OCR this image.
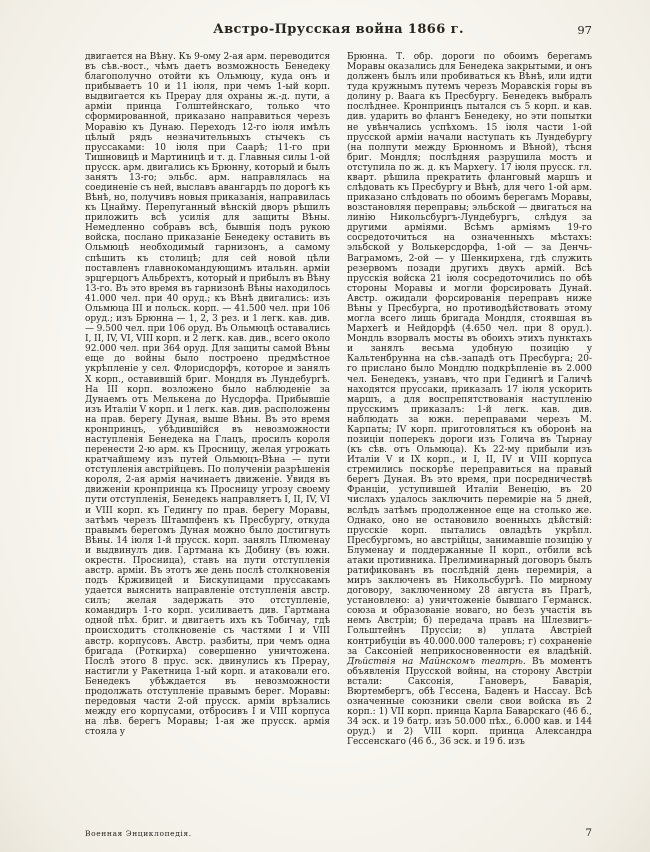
Австро-Прусская война 1866 г.	97

двигается на Вѣну. Къ 9-ому 2-ая арм. переводится въ сѣв.-вост., чѣмъ даетъ возможность Бенедеку благополучно отойти къ Ольмюцу, куда онъ и прибываетъ 10 и 11 іюля, при чемъ 1-ый корп. выдвигается къ Прерау для охраны ж.-д. пути, а арміи принца Голштейнскаго, только что сформированной, приказано направиться черезъ Моравію къ Дунаю. Переходъ 12-го іюля имѣлъ цѣлый рядъ незначительныхъ стычекъ съ пруссаками: 10 іюля при Саарѣ; 11-го при Тишновицѣ и Мартиницѣ и т. д. Главныя силы 1-ой прусск. арм. двигались къ Брюнну, который и былъ занятъ 13-го; эльбс. арм. направлялась на соединеніе съ ней, выславъ авангардъ по дорогѣ къ Вѣнѣ, но, получивъ новыя приказанія, направилась къ Цнайму. Перепуганный вѣнскій дворъ рѣшилъ приложить всѣ усилія для защиты Вѣны. Немедленно собравъ всѣ, бывшія подъ рукою войска, послано приказаніе Бенедеку оставить въ Ольмюцѣ необходимый гарнизонъ, а самому спѣшить къ столицѣ; для сей новой цѣли поставленъ главнокомандующимъ итальян. арміи эрцгерцогъ Альбрехтъ, который и прибылъ въ Вѣну 13-го. Въ это время въ гарнизонѣ Вѣны находилось 41.000 чел. при 40 оруд.; къ Вѣнѣ двигались: изъ Ольмюца III и польск. корп. — 41.500 чел. при 106 оруд.; изъ Брюнна — 1, 2, 3 рез. и 1 легк. кав. див. — 9.500 чел. при 106 оруд. Въ Ольмюцѣ оставались I, II, IV, VI, VIII корп. и 2 легк. кав. див., всего около 92.000 чел. при 364 оруд. Для защиты самой Вѣны еще до войны было построено предмѣстное укрѣпленіе у сел. Флорисдорфъ, которое и занялъ X корп., оставившій бриг. Мондля въ Лундебургѣ. На III корп. возложено было наблюденіе за Дунаемъ отъ Мелькена до Нусдорфа. Прибывшіе изъ Италіи V корп. и 1 легк. кав. див. расположены на прав. берегу Дуная, выше Вѣны. Въ это время кронпринцъ, убѣдившійся въ невозможности наступленія Бенедека на Глацъ, просилъ короля перенести 2-ю арм. къ Просницу, желая угрожать кратчайшему изъ путей Ольмюцъ-Вѣна — пути отступленія австрійцевъ. По полученіи разрѣшенія короля, 2-ая армія начинаетъ движеніе. Увидя въ движеніи кронпринца къ Просницу угрозу своему пути отступленія, Бенедекъ направляетъ I, II, IV, VI и VIII корп. къ Гедингу по прав. берегу Моравы, затѣмъ черезъ Штампфенъ къ Пресбургу, откуда правымъ берегомъ Дуная можно было достигнуть Вѣны. 14 іюля 1-й прусск. корп. занялъ Плюменау и выдвинулъ див. Гартмана къ Добину (въ южн. окрестн. Просница), ставъ на пути отступленія австр. арміи. Въ этотъ же день послѣ столкновенія подъ Крживицей и Бискупицами пруссакамъ удается выяснить направленіе отступленія австр. силъ; желая задержать это отступленіе, командиръ 1-го корп. усиливаетъ див. Гартмана одной пѣх. бриг. и двигаетъ ихъ къ Тобичау, гдѣ происходитъ столкновеніе съ частями I и VIII австр. корпусовъ. Австр. разбиты, при чемъ одна бригада (Роткирха) совершенно уничтожена. Послѣ этого 8 прус. эск. двинулись къ Прерау, настигли у Ракетница 1-ый корп. и атаковали его. Бенедекъ убѣждается въ невозможности продолжать отступленіе правымъ берег. Моравы: передовыя части 2-ой прусск. арміи врѣзались между его корпусами, отбросивъ I и VIII корпуса на лѣв. берегъ Моравы; 1-ая же прусск. армія стояла у

Брюнна. Т. обр. дороги по обоимъ берегамъ Моравы оказались для Бенедека закрытыми, и онъ долженъ былъ или пробиваться къ Вѣнѣ, или идти туда кружнымъ путемъ черезъ Моравскія горы въ долину р. Ваага къ Пресбургу. Бенедекъ выбралъ послѣднее. Кронпринцъ пытался съ 5 корп. и кав. див. ударить во флангъ Бенедеку, но эти попытки не увѣнчались успѣхомъ. 15 іюля части 1-ой прусской арміи начали наступать къ Лундебургу (на полпути между Брюнномъ и Вѣной), тѣсня бриг. Мондля; послѣдняя разрушила мостъ и отступила по ж. д. къ Мархегу. 17 іюля прусск. гл. кварт. рѣшила прекратить фланговый маршъ и слѣдовать къ Пресбургу и Вѣнѣ, для чего 1-ой арм. приказано слѣдовать по обоимъ берегамъ Моравы, возстановляя переправы; эльбской — двигаться на линію Никольсбургъ-Лундебургъ, слѣдуя за другими арміями. Всѣмъ арміямъ 19-го сосредоточиться на означенныхъ мѣстахъ: эльбской у Волькерсдорфа, 1-ой — за Денчь-Ваграмомъ, 2-ой — у Шенкирхена, гдѣ служить резервомъ позади другихъ двухъ армій. Всѣ прусскія войска 21 іюля сосредоточились по обѣ стороны Моравы и могли форсировать Дунай. Австр. ожидали форсированія переправъ ниже Вѣны у Пресбурга, но противодѣйствовать этому могла всего лишь бригада Мондля, стоявшая въ Мархегѣ и Нейдорфѣ (4.650 чел. при 8 оруд.). Мондль взорвалъ мосты въ обоихъ этихъ пунктахъ и занялъ весьма удобную позицію у Кальтенбрунна на сѣв.-западѣ отъ Пресбурга; 20-го прислано было Мондлю подкрѣпленіе въ 2.000 чел. Бенедекъ, узнавъ, что при Гедингѣ и Галичѣ находятся пруссаки, приказалъ 17 іюля ускорить маршъ, а для воспрепятствованія наступленію прусскимъ приказалъ: 1-й легк. кав. див. наблюдать за южн. переправами черезъ М. Карпаты; IV корп. приготовляться къ оборонѣ на позиціи поперекъ дороги изъ Голича въ Тырнау (къ сѣв. отъ Ольмюца). Къ 22-му прибыли изъ Италіи V и IX корп., и I, II, IV и VIII корпуса стремились поскорѣе переправиться на правый берегъ Дуная. Въ это время, при посредничествѣ Франціи, уступившей Италіи Венецію, въ 20 числахъ удалось заключить перемиріе на 5 дней, вслѣдъ затѣмъ продолженное еще на столько же. Однако, оно не остановило военныхъ дѣйствій: прусскіе корп. пытались овладѣть укрѣпл. Пресбургомъ, но австрійцы, занимавшіе позицію у Блуменау и поддержанные II корп., отбили всѣ атаки противника. Прелиминарный договоръ былъ ратификованъ въ послѣдній день перемирія, а миръ заключенъ въ Никольсбургѣ. По мирному договору, заключенному 28 августа въ Прагѣ, установлено: а) уничтоженіе бывшаго Германск. союза и образованіе новаго, но безъ участія въ немъ Австріи; б) передача правъ на Шлезвигъ-Гольштейнъ Пруссіи; в) уплата Австріей контрибуціи въ 40.000.000 талеровъ; г) сохраненіе за Саксоніей неприкосновенности ея владѣній. Дѣйствія на Майнскомъ театрѣ. Въ моментъ объявленія Прусской войны, на сторону Австріи встали: Саксонія, Гановеръ, Баварія, Вюртембергъ, обѣ Гессена, Баденъ и Нассау. Всѣ означенные союзники свели свои войска въ 2 корп.: 1) VII корп. принца Карла Баварскаго (46 б., 34 эск. и 19 батр. изъ 50.000 пѣх., 6.000 кав. и 144 оруд.) и 2) VIII корп. принца Александра Гессенскаго (46 б., 36 эск. и 19 б. изъ

Военная Энциклопедія.	7
